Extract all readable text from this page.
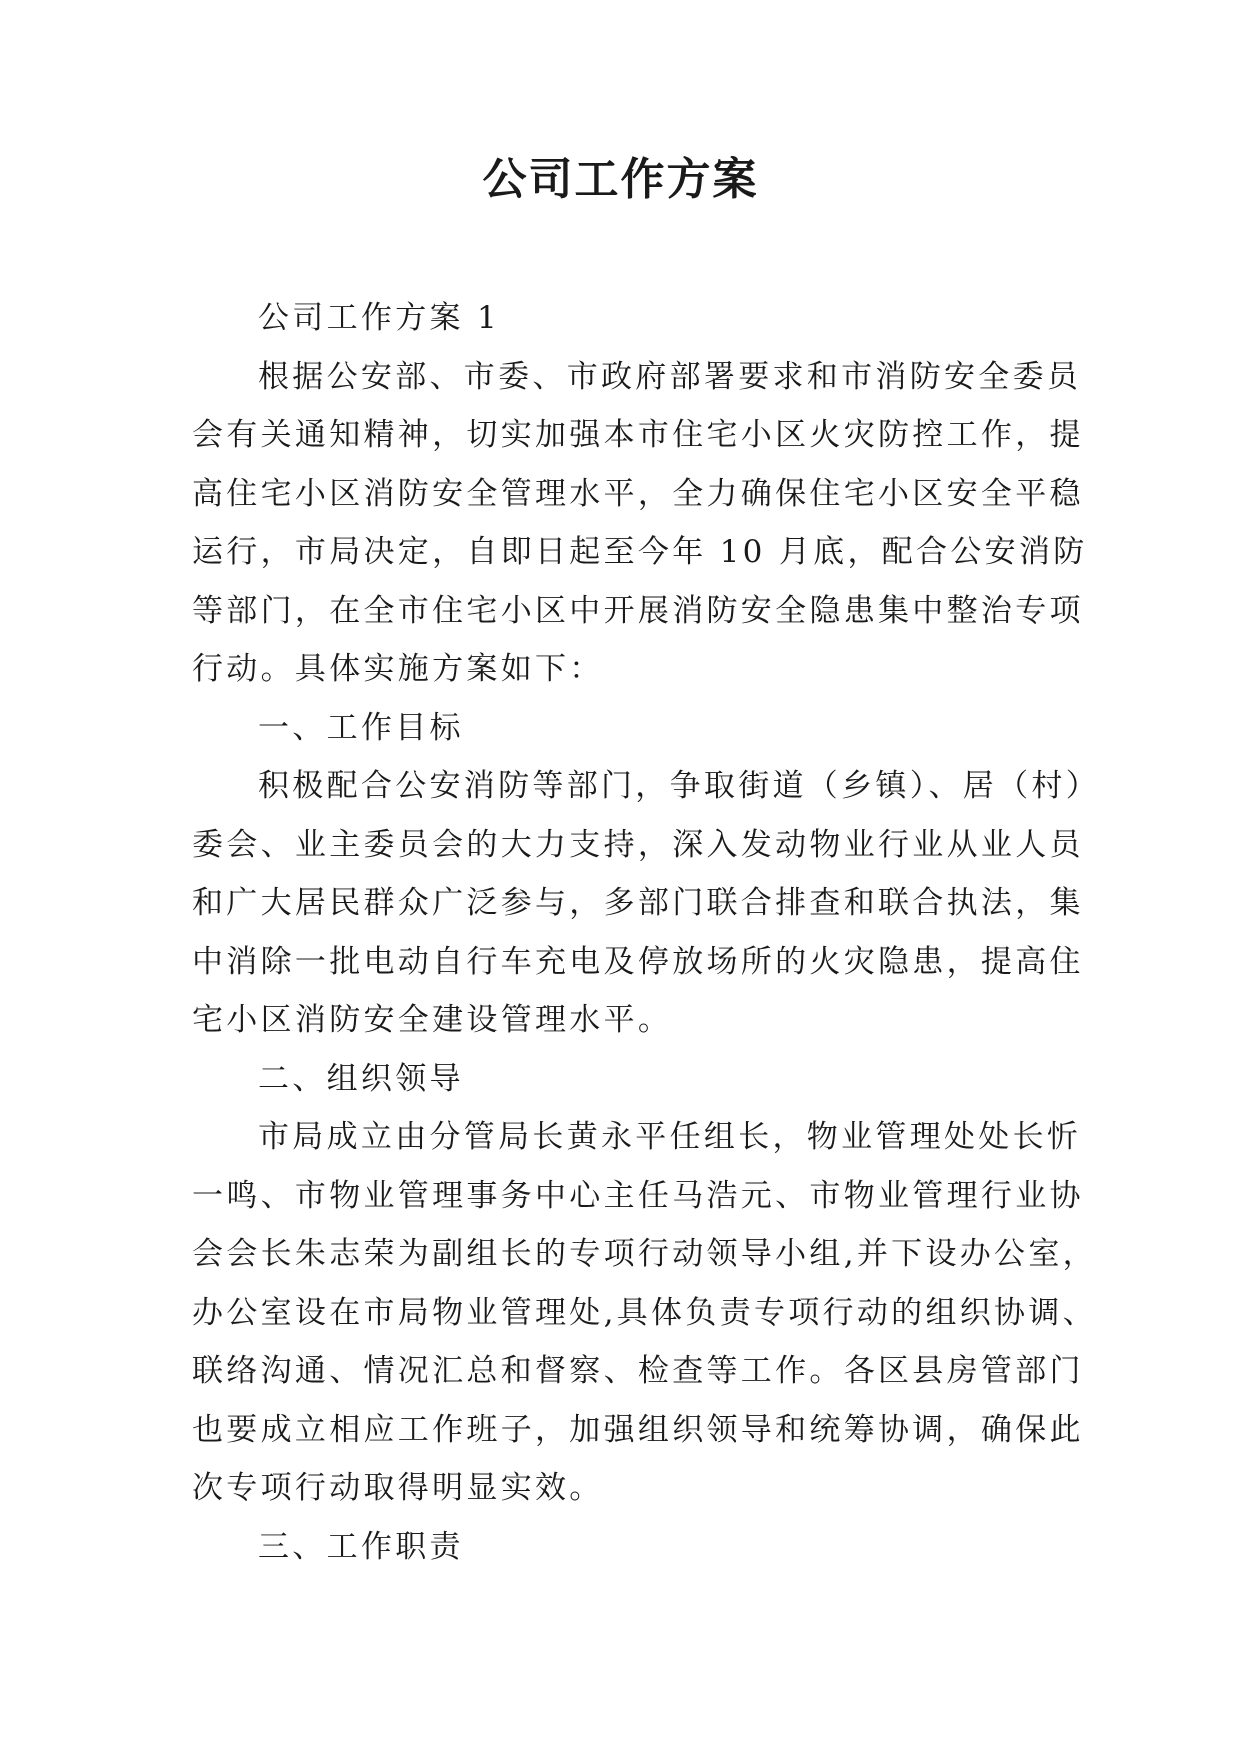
公司工作方案
公司工作方案 1
根据公安部、市委、市政府部署要求和市消防安全委员
会有关通知精神，切实加强本市住宅小区火灾防控工作，提
高住宅小区消防安全管理水平，全力确保住宅小区安全平稳
运行，市局决定，自即日起至今年 10 月底，配合公安消防
等部门，在全市住宅小区中开展消防安全隐患集中整治专项
行动。具体实施方案如下：
一、工作目标
积极配合公安消防等部门，争取街道（乡镇）、居（村）
委会、业主委员会的大力支持，深入发动物业行业从业人员
和广大居民群众广泛参与，多部门联合排查和联合执法，集
中消除一批电动自行车充电及停放场所的火灾隐患，提高住
宅小区消防安全建设管理水平。
二、组织领导
市局成立由分管局长黄永平任组长，物业管理处处长忻
一鸣、市物业管理事务中心主任马浩元、市物业管理行业协
会会长朱志荣为副组长的专项行动领导小组,并下设办公室，
办公室设在市局物业管理处,具体负责专项行动的组织协调、
联络沟通、情况汇总和督察、检查等工作。各区县房管部门
也要成立相应工作班子，加强组织领导和统筹协调，确保此
次专项行动取得明显实效。
三、工作职责
